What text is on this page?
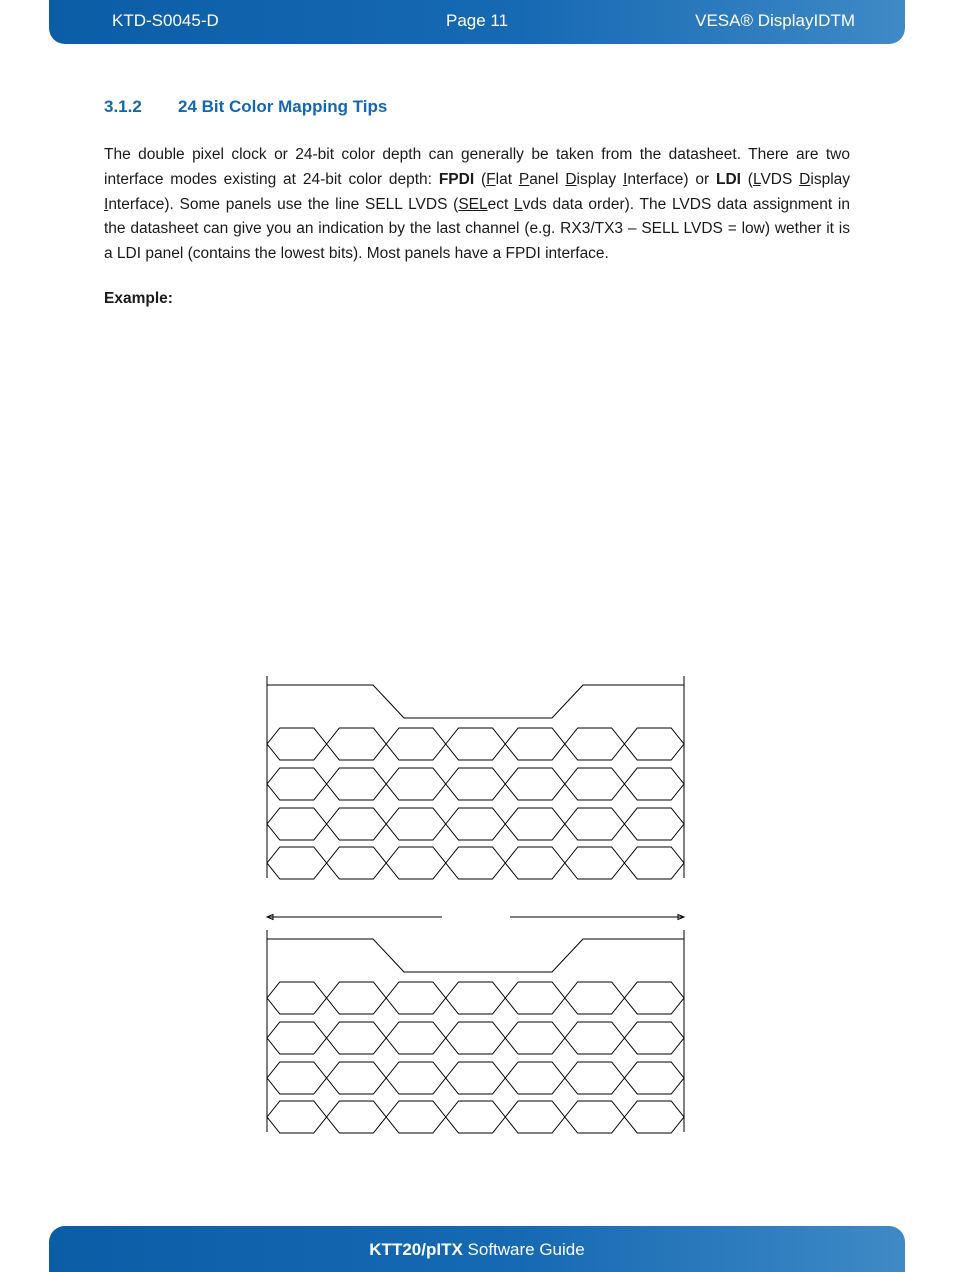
KTD-S0045-D	Page 11	VESA® DisplayIDTM
3.1.2 24 Bit Color Mapping Tips
The double pixel clock or 24-bit color depth can generally be taken from the datasheet. There are two interface modes existing at 24-bit color depth: FPDI (Flat Panel Display Interface) or LDI (LVDS Display Interface). Some panels use the line SELL LVDS (SELect Lvds data order). The LVDS data assignment in the datasheet can give you an indication by the last channel (e.g. RX3/TX3 – SELL LVDS = low) wether it is a LDI panel (contains the lowest bits). Most panels have a FPDI interface.
Example:
KTT20/pITX Software Guide
